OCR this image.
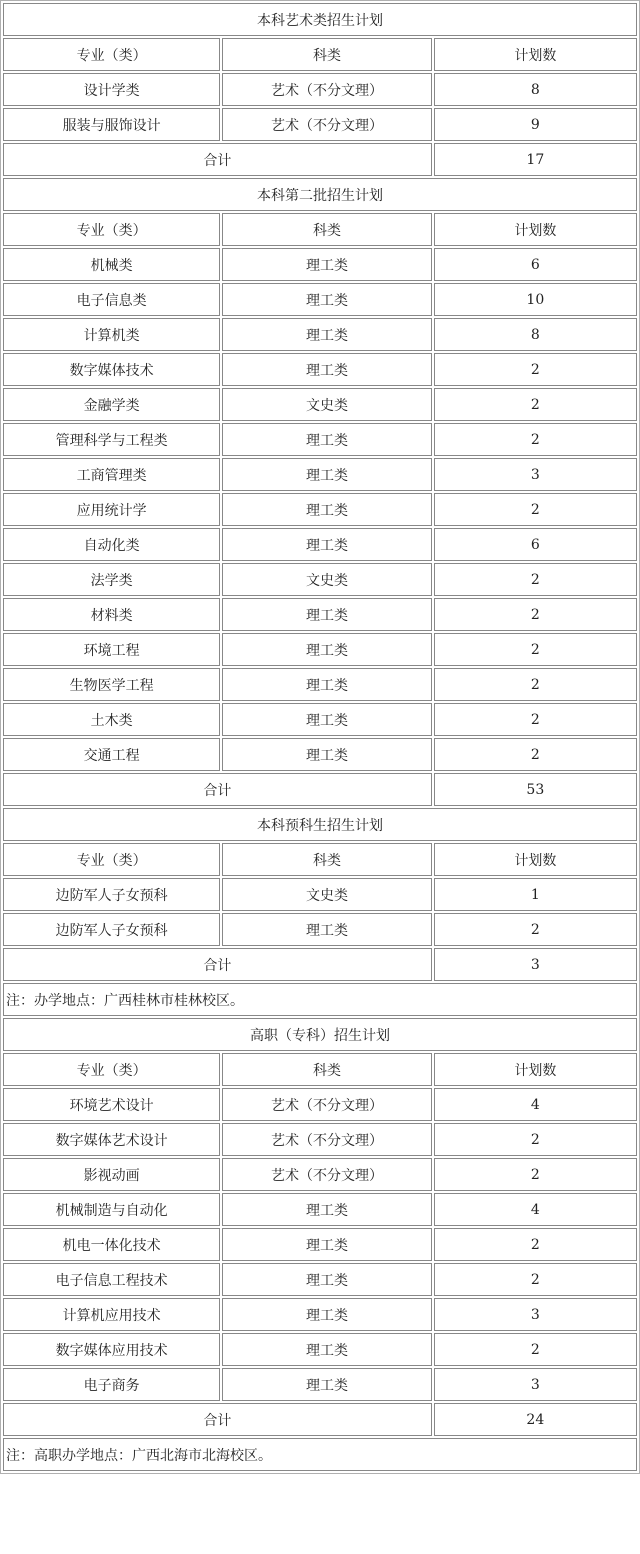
本科艺术类招生计划		
专业（类）	科类	计划数
设计学类	艺术（不分文理）	8
服装与服饰设计	艺术（不分文理）	9
合计		17
本科第二批招生计划		
专业（类）	科类	计划数
机械类	理工类	6
电子信息类	理工类	10
计算机类	理工类	8
数字媒体技术	理工类	2
金融学类	文史类	2
管理科学与工程类	理工类	2
工商管理类	理工类	3
应用统计学	理工类	2
自动化类	理工类	6
法学类	文史类	2
材料类	理工类	2
环境工程	理工类	2
生物医学工程	理工类	2
土木类	理工类	2
交通工程	理工类	2
合计		53
本科预科生招生计划		
专业（类）	科类	计划数
边防军人子女预科	文史类	1
边防军人子女预科	理工类	2
合计		3
注：办学地点：广西桂林市桂林校区。		
高职（专科）招生计划		
专业（类）	科类	计划数
环境艺术设计	艺术（不分文理）	4
数字媒体艺术设计	艺术（不分文理）	2
影视动画	艺术（不分文理）	2
机械制造与自动化	理工类	4
机电一体化技术	理工类	2
电子信息工程技术	理工类	2
计算机应用技术	理工类	3
数字媒体应用技术	理工类	2
电子商务	理工类	3
合计		24
注：高职办学地点：广西北海市北海校区。		
